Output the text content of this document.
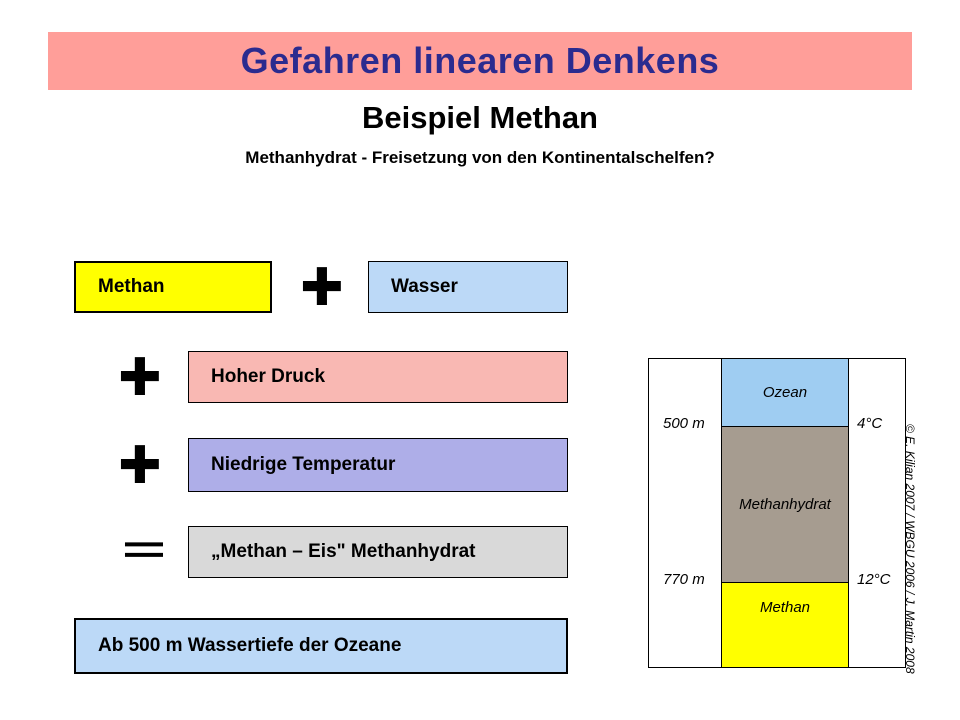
Gefahren linearen Denkens
Beispiel Methan
Methanhydrat - Freisetzung von den Kontinentalschelfen?
Methan	✚	Wasser
✚	Hoher Druck
✚	Niedrige Temperatur
＝	„Methan – Eis" Methanhydrat
Ab 500 m Wassertiefe der Ozeane
Ozean
Methanhydrat
Methan
500 m	4°C
770 m	12°C © E. Kilian 2007 / WBGU 2006 / J. Martin 2008
